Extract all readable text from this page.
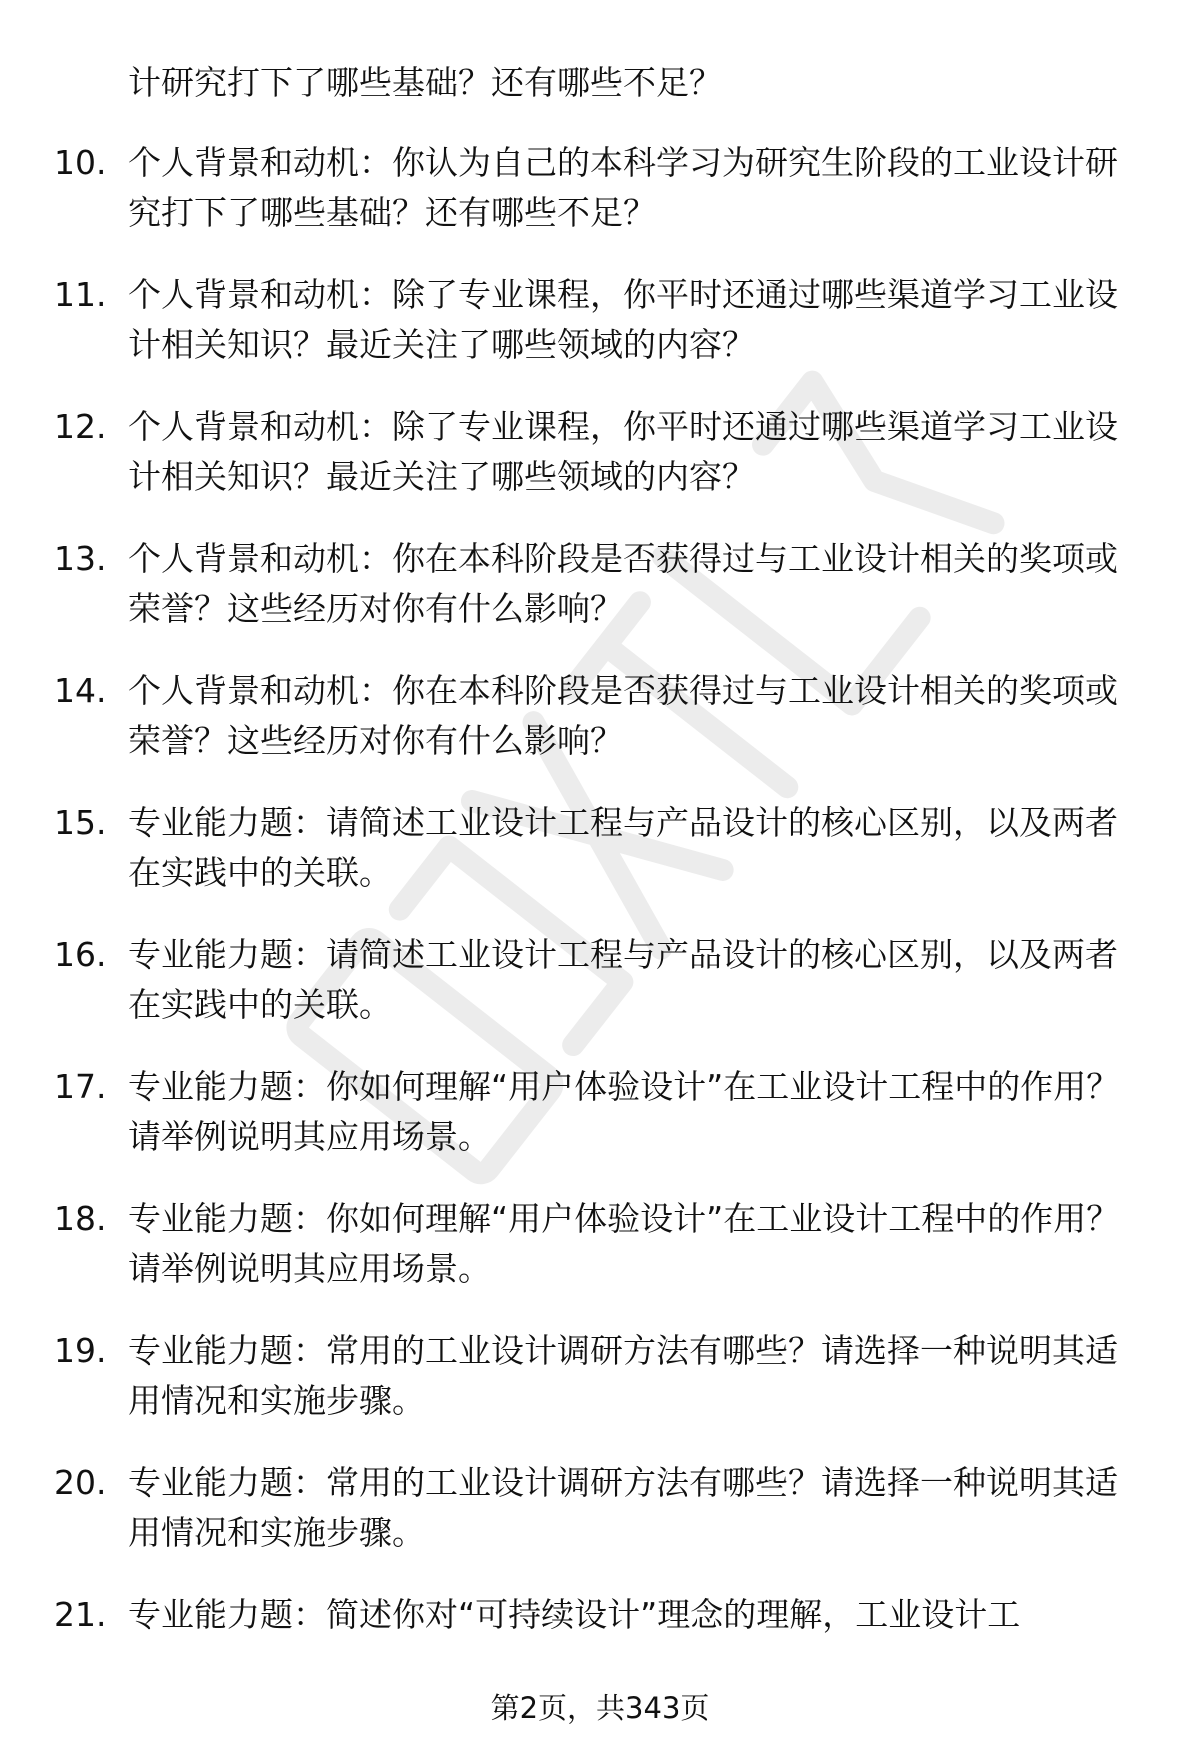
计研究打下了哪些基础？还有哪些不足？

10. 个人背景和动机：你认为自己的本科学习为研究生阶段的工业设计研究打下了哪些基础？还有哪些不足？

11. 个人背景和动机：除了专业课程，你平时还通过哪些渠道学习工业设计相关知识？最近关注了哪些领域的内容？

12. 个人背景和动机：除了专业课程，你平时还通过哪些渠道学习工业设计相关知识？最近关注了哪些领域的内容？

13. 个人背景和动机：你在本科阶段是否获得过与工业设计相关的奖项或荣誉？这些经历对你有什么影响？

14. 个人背景和动机：你在本科阶段是否获得过与工业设计相关的奖项或荣誉？这些经历对你有什么影响？

15. 专业能力题：请简述工业设计工程与产品设计的核心区别，以及两者在实践中的关联。

16. 专业能力题：请简述工业设计工程与产品设计的核心区别，以及两者在实践中的关联。

17. 专业能力题：你如何理解“用户体验设计”在工业设计工程中的作用？请举例说明其应用场景。

18. 专业能力题：你如何理解“用户体验设计”在工业设计工程中的作用？请举例说明其应用场景。

19. 专业能力题：常用的工业设计调研方法有哪些？请选择一种说明其适用情况和实施步骤。

20. 专业能力题：常用的工业设计调研方法有哪些？请选择一种说明其适用情况和实施步骤。

21. 专业能力题：简述你对“可持续设计”理念的理解，工业设计工

第2页，共343页
